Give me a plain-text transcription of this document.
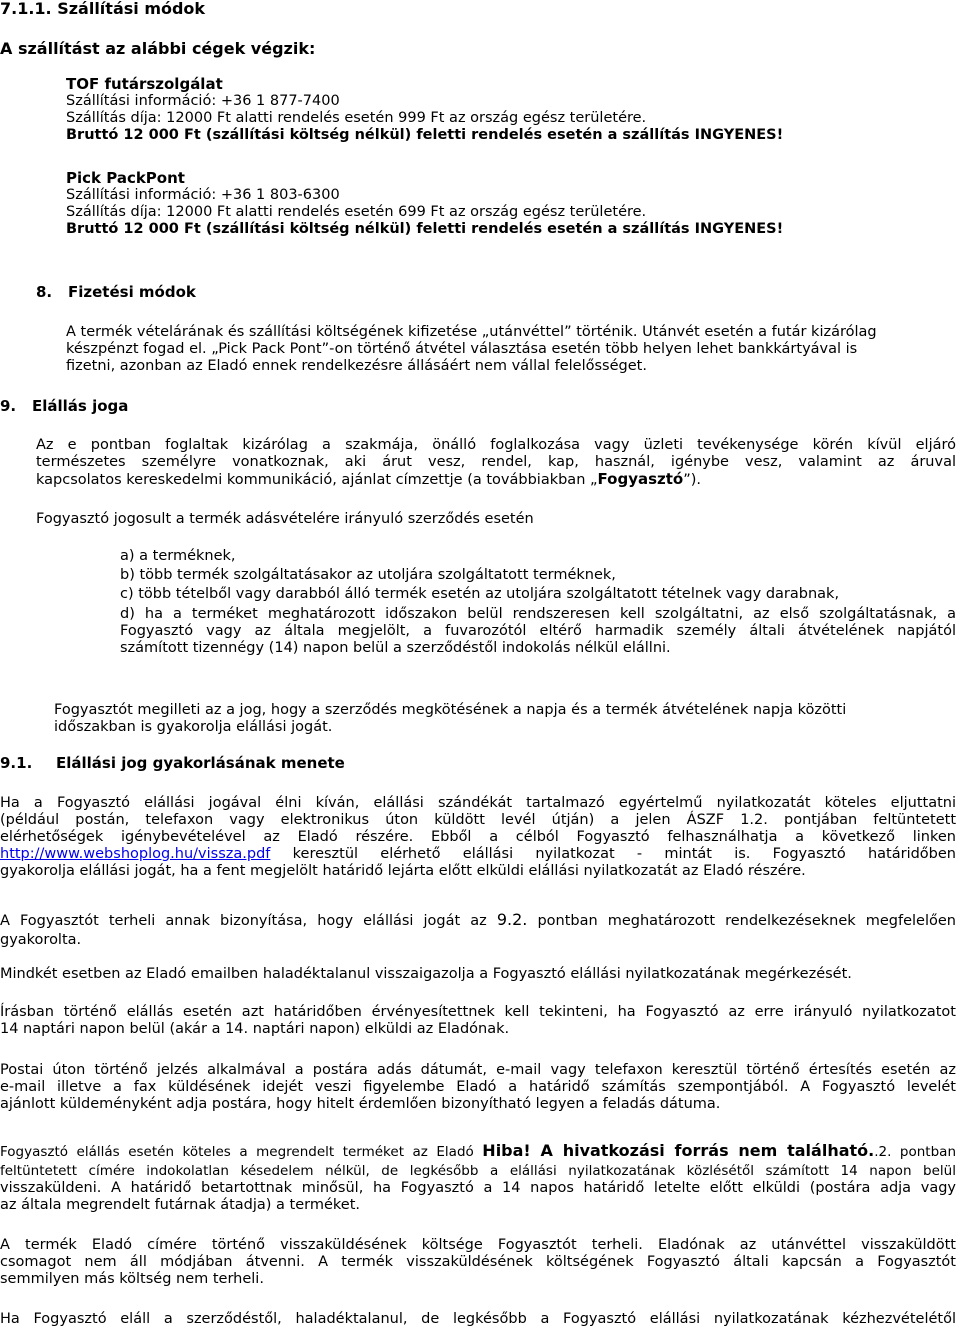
7.1.1. Szállítási módok
A szállítást az alábbi cégek végzik:
TOF futárszolgálat
Szállítási információ: +36 1 877-7400
Szállítás díja: 12000 Ft alatti rendelés esetén 999 Ft az ország egész területére.
Bruttó 12 000 Ft (szállítási költség nélkül) feletti rendelés esetén a szállítás INGYENES!
Pick PackPont
Szállítási információ: +36 1 803-6300
Szállítás díja: 12000 Ft alatti rendelés esetén 699 Ft az ország egész területére.
Bruttó 12 000 Ft (szállítási költség nélkül) feletti rendelés esetén a szállítás INGYENES!
8. Fizetési módok
A termék vételárának és szállítási költségének kifizetése „utánvéttel” történik. Utánvét esetén a futár kizárólag
készpénzt fogad el. „Pick Pack Pont”-on történő átvétel választása esetén több helyen lehet bankkártyával is
fizetni, azonban az Eladó ennek rendelkezésre állásáért nem vállal felelősséget.
9. Elállás joga
Az e pontban foglaltak kizárólag a szakmája, önálló foglalkozása vagy üzleti tevékenysége körén kívül eljáró
természetes személyre vonatkoznak, aki árut vesz, rendel, kap, használ, igénybe vesz, valamint az áruval
kapcsolatos kereskedelmi kommunikáció, ajánlat címzettje (a továbbiakban „Fogyasztó”).
Fogyasztó jogosult a termék adásvételére irányuló szerződés esetén
a) a terméknek,
b) több termék szolgáltatásakor az utoljára szolgáltatott terméknek,
c) több tételből vagy darabból álló termék esetén az utoljára szolgáltatott tételnek vagy darabnak,
d) ha a terméket meghatározott időszakon belül rendszeresen kell szolgáltatni, az első szolgáltatásnak, a
Fogyasztó vagy az általa megjelölt, a fuvarozótól eltérő harmadik személy általi átvételének napjától
számított tizennégy (14) napon belül a szerződéstől indokolás nélkül elállni.
Fogyasztót megilleti az a jog, hogy a szerződés megkötésének a napja és a termék átvételének napja közötti
időszakban is gyakorolja elállási jogát.
9.1. Elállási jog gyakorlásának menete
Ha a Fogyasztó elállási jogával élni kíván, elállási szándékát tartalmazó egyértelmű nyilatkozatát köteles eljuttatni
(például postán, telefaxon vagy elektronikus úton küldött levél útján) a jelen ÁSZF 1.2. pontjában feltüntetett
elérhetőségek igénybevételével az Eladó részére. Ebből a célból Fogyasztó felhasználhatja a következő linken
http://www.webshoplog.hu/vissza.pdf keresztül elérhető elállási nyilatkozat - mintát is. Fogyasztó határidőben
gyakorolja elállási jogát, ha a fent megjelölt határidő lejárta előtt elküldi elállási nyilatkozatát az Eladó részére.
A Fogyasztót terheli annak bizonyítása, hogy elállási jogát az 9.2. pontban meghatározott rendelkezéseknek megfelelően
gyakorolta.
Mindkét esetben az Eladó emailben haladéktalanul visszaigazolja a Fogyasztó elállási nyilatkozatának megérkezését.
Írásban történő elállás esetén azt határidőben érvényesítettnek kell tekinteni, ha Fogyasztó az erre irányuló nyilatkozatot
14 naptári napon belül (akár a 14. naptári napon) elküldi az Eladónak.
Postai úton történő jelzés alkalmával a postára adás dátumát, e-mail vagy telefaxon keresztül történő értesítés esetén az
e-mail illetve a fax küldésének idejét veszi figyelembe Eladó a határidő számítás szempontjából. A Fogyasztó levelét
ajánlott küldeményként adja postára, hogy hitelt érdemlően bizonyítható legyen a feladás dátuma.
Fogyasztó elállás esetén köteles a megrendelt terméket az Eladó Hiba! A hivatkozási forrás nem található..2. pontban
feltüntetett címére indokolatlan késedelem nélkül, de legkésőbb a elállási nyilatkozatának közlésétől számított 14 napon belül
visszaküldeni. A határidő betartottnak minősül, ha Fogyasztó a 14 napos határidő letelte előtt elküldi (postára adja vagy
az általa megrendelt futárnak átadja) a terméket.
A termék Eladó címére történő visszaküldésének költsége Fogyasztót terheli. Eladónak az utánvéttel visszaküldött
csomagot nem áll módjában átvenni. A termék visszaküldésének költségének Fogyasztó általi kapcsán a Fogyasztót
semmilyen más költség nem terheli.
Ha Fogyasztó eláll a szerződéstől, haladéktalanul, de legkésőbb a Fogyasztó elállási nyilatkozatának kézhezvételétől
